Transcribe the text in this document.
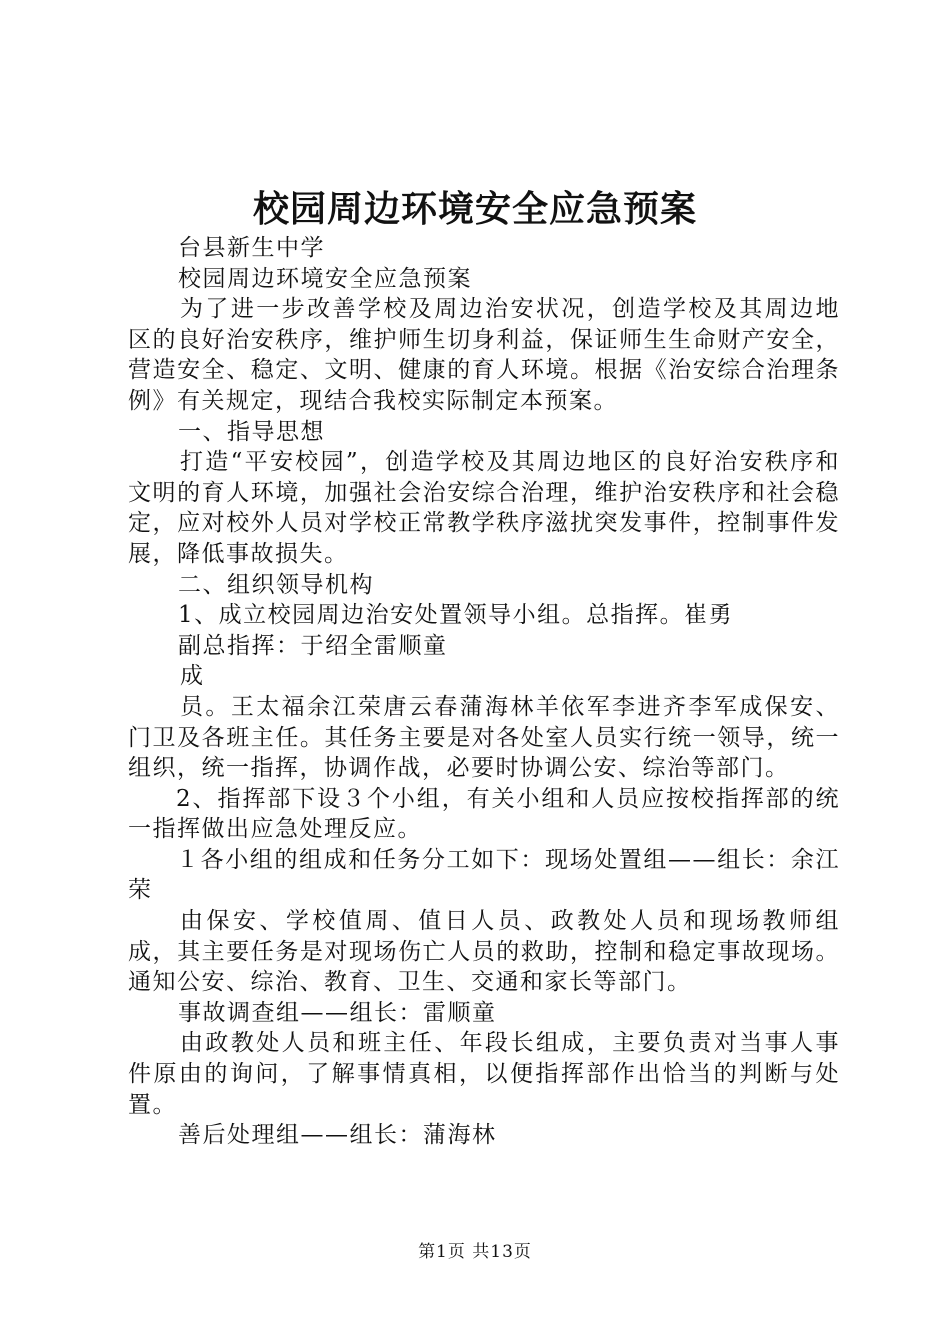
校园周边环境安全应急预案

台县新生中学

校园周边环境安全应急预案

为了进一步改善学校及周边治安状况，创造学校及其周边地区的良好治安秩序，维护师生切身利益，保证师生生命财产安全，营造安全、稳定、文明、健康的育人环境。根据《治安综合治理条例》有关规定，现结合我校实际制定本预案。

一、指导思想

打造“平安校园”，创造学校及其周边地区的良好治安秩序和文明的育人环境，加强社会治安综合治理，维护治安秩序和社会稳定，应对校外人员对学校正常教学秩序滋扰突发事件，控制事件发展，降低事故损失。

二、组织领导机构

1、成立校园周边治安处置领导小组。总指挥。崔勇

副总指挥：于绍全雷顺童

成

员。王太福余江荣唐云春蒲海林羊依军李进齐李军成保安、门卫及各班主任。其任务主要是对各处室人员实行统一领导，统一组织，统一指挥，协调作战，必要时协调公安、综治等部门。

2、指挥部下设３个小组，有关小组和人员应按校指挥部的统一指挥做出应急处理反应。

１各小组的组成和任务分工如下：现场处置组——组长：余江荣

由保安、学校值周、值日人员、政教处人员和现场教师组成，其主要任务是对现场伤亡人员的救助，控制和稳定事故现场。通知公安、综治、教育、卫生、交通和家长等部门。

事故调查组——组长：雷顺童

由政教处人员和班主任、年段长组成，主要负责对当事人事件原由的询问，了解事情真相，以便指挥部作出恰当的判断与处置。

善后处理组——组长：蒲海林

第1页 共13页
